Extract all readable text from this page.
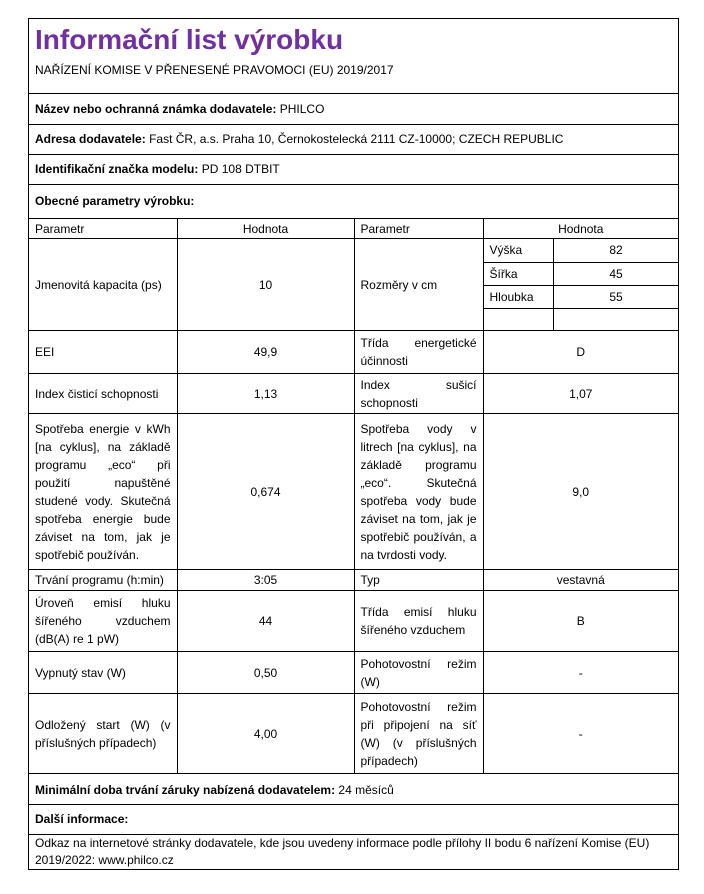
Informační list výrobku
NAŘÍZENÍ KOMISE V PŘENESENÉ PRAVOMOCI (EU) 2019/2017
Název nebo ochranná známka dodavatele: PHILCO
Adresa dodavatele: Fast ČR, a.s. Praha 10, Černokostelecká 2111 CZ-10000; CZECH REPUBLIC
Identifikační značka modelu: PD 108 DTBIT
Obecné parametry výrobku:
Parametr	Hodnota	Parametr	Hodnota
Jmenovitá kapacita (ps)	10	Rozměry v cm	
Výška	82
Šířka	45
Hloubka	55

EEI	49,9	Třída energetické účinnosti	D
Index čisticí schopnosti	1,13	Index sušicí schopnosti	1,07
Spotřeba energie v kWh [na cyklus], na základě programu „eco“ při použití napuštěné studené vody. Skutečná spotřeba energie bude záviset na tom, jak je spotřebič používán.	0,674	Spotřeba vody v litrech [na cyklus], na základě programu „eco“. Skutečná spotřeba vody bude záviset na tom, jak je spotřebič používán, a na tvrdosti vody.	9,0
Trvání programu (h:min)	3:05	Typ	vestavná
Úroveň emisí hluku šířeného vzduchem (dB(A) re 1 pW)	44	Třída emisí hluku šířeného vzduchem	B
Vypnutý stav (W)	0,50	Pohotovostní režim (W)	-
Odložený start (W) (v příslušných případech)	4,00	Pohotovostní režim při připojení na síť (W) (v příslušných případech)	-
Minimální doba trvání záruky nabízená dodavatelem: 24 měsíců
Další informace:
Odkaz na internetové stránky dodavatele, kde jsou uvedeny informace podle přílohy II bodu 6 nařízení Komise (EU) 2019/2022: www.philco.cz
